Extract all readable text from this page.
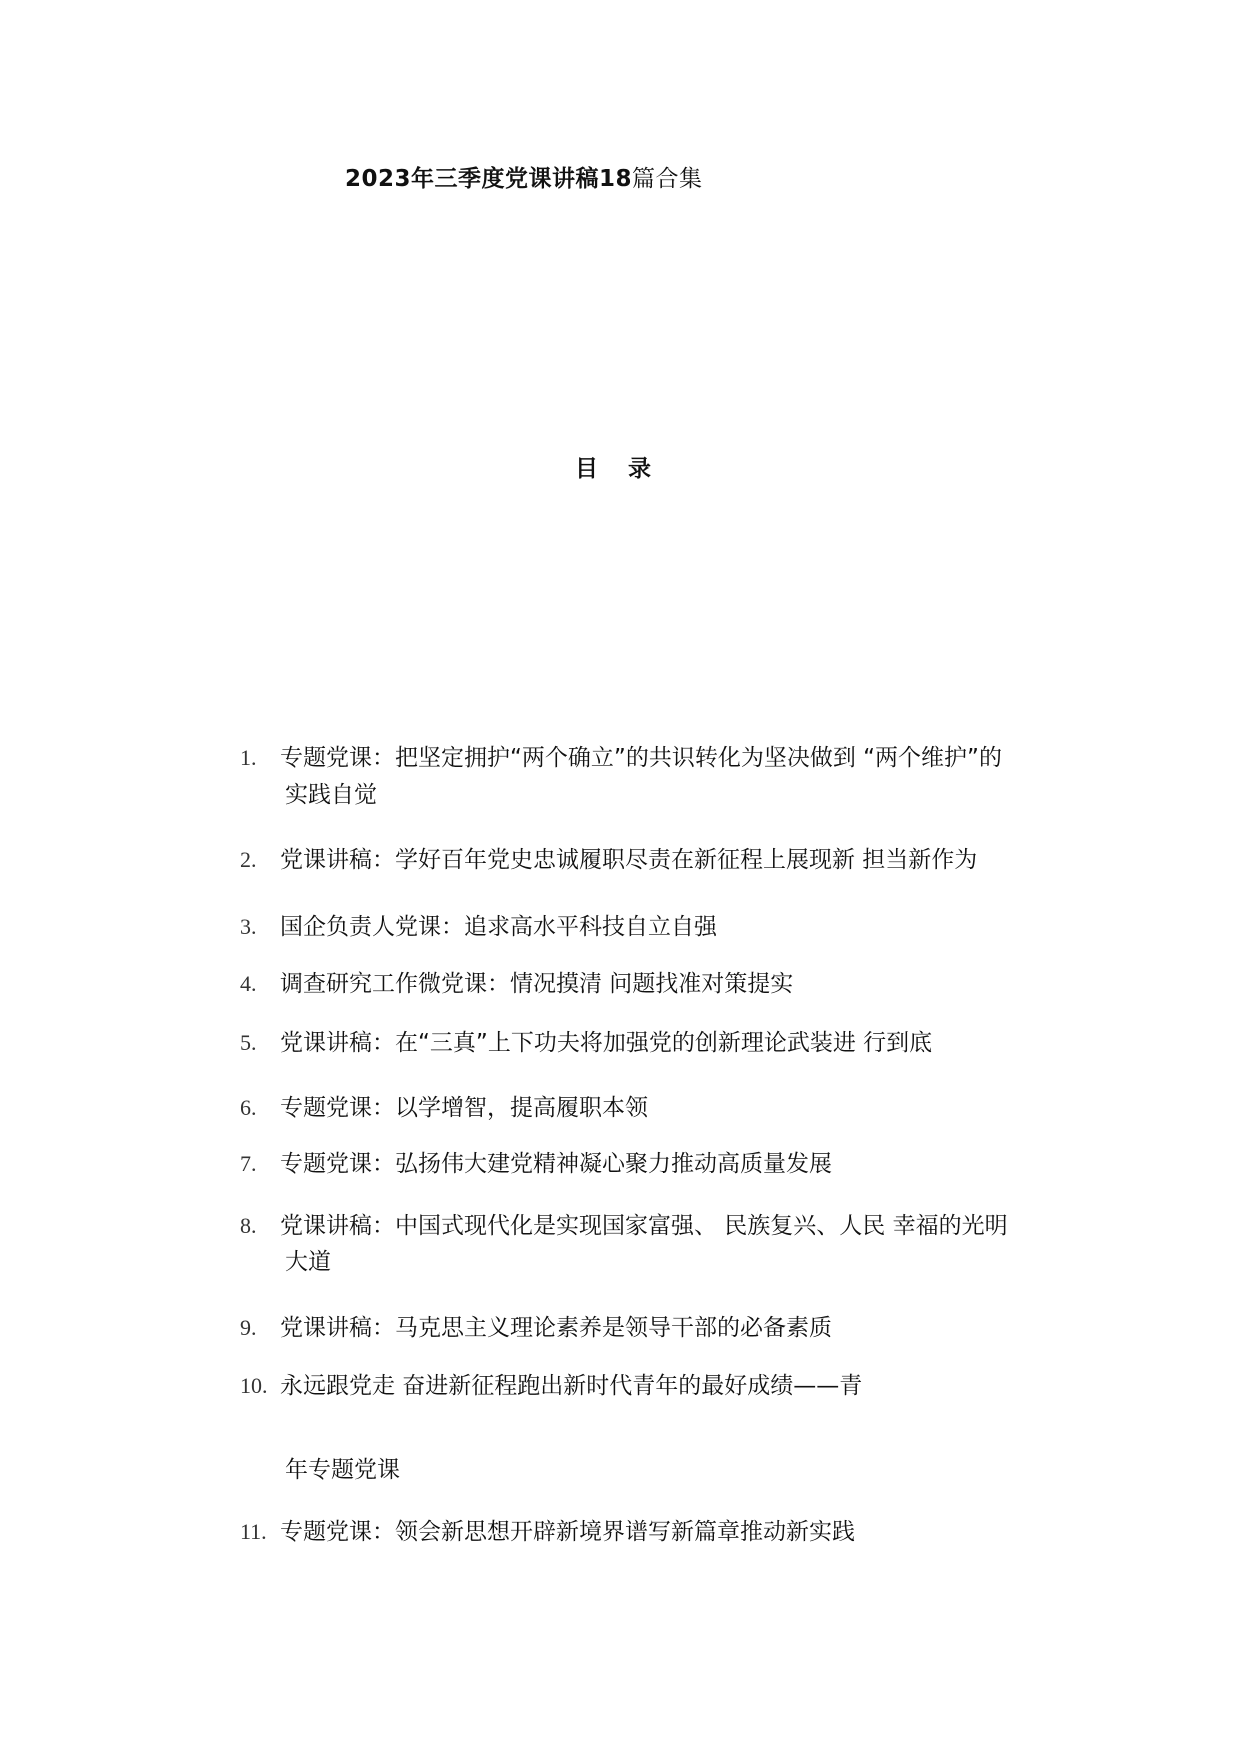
2023年三季度党课讲稿18篇合集
目 录
1. 专题党课：把坚定拥护“两个确立”的共识转化为坚决做到 “两个维护”的
实践自觉
2. 党课讲稿：学好百年党史忠诚履职尽责在新征程上展现新 担当新作为
3. 国企负责人党课：追求高水平科技自立自强
4. 调查研究工作微党课：情况摸清 问题找准对策提实
5. 党课讲稿：在“三真”上下功夫将加强党的创新理论武装进 行到底
6. 专题党课：以学增智，提高履职本领
7. 专题党课：弘扬伟大建党精神凝心聚力推动高质量发展
8. 党课讲稿：中国式现代化是实现国家富强、 民族复兴、人民 幸福的光明
大道
9. 党课讲稿：马克思主义理论素养是领导干部的必备素质
10. 永远跟党走 奋进新征程跑出新时代青年的最好成绩——青
年专题党课
11. 专题党课：领会新思想开辟新境界谱写新篇章推动新实践
